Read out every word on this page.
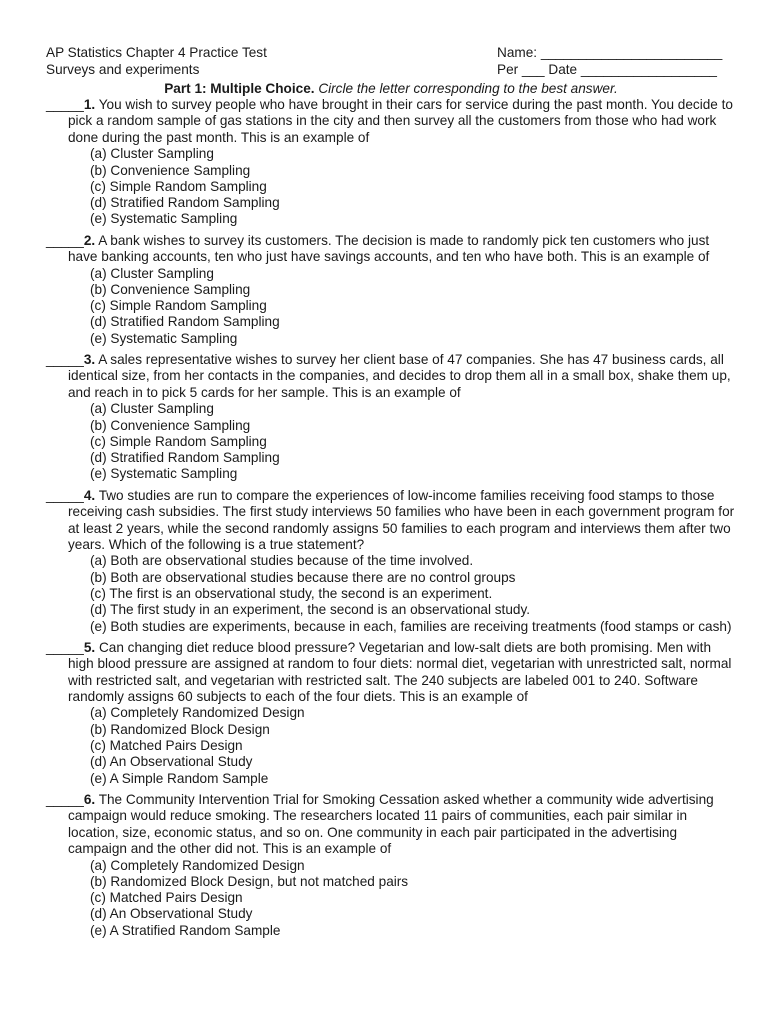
AP Statistics Chapter 4 Practice Test
Surveys and experiments
Name: ________________________
Per ___ Date __________________
Part 1: Multiple Choice. Circle the letter corresponding to the best answer.

_____1. You wish to survey people who have brought in their cars for service during the past month. You decide to pick a random sample of gas stations in the city and then survey all the customers from those who had work done during the past month. This is an example of

(a) Cluster Sampling
(b) Convenience Sampling
(c) Simple Random Sampling
(d) Stratified Random Sampling
(e) Systematic Sampling

_____2. A bank wishes to survey its customers. The decision is made to randomly pick ten customers who just have banking accounts, ten who just have savings accounts, and ten who have both. This is an example of

(a) Cluster Sampling
(b) Convenience Sampling
(c) Simple Random Sampling
(d) Stratified Random Sampling
(e) Systematic Sampling

_____3. A sales representative wishes to survey her client base of 47 companies. She has 47 business cards, all identical size, from her contacts in the companies, and decides to drop them all in a small box, shake them up, and reach in to pick 5 cards for her sample. This is an example of

(a) Cluster Sampling
(b) Convenience Sampling
(c) Simple Random Sampling
(d) Stratified Random Sampling
(e) Systematic Sampling

_____4. Two studies are run to compare the experiences of low-income families receiving food stamps to those receiving cash subsidies. The first study interviews 50 families who have been in each government program for at least 2 years, while the second randomly assigns 50 families to each program and interviews them after two years. Which of the following is a true statement?

(a) Both are observational studies because of the time involved.
(b) Both are observational studies because there are no control groups
(c) The first is an observational study, the second is an experiment.
(d) The first study in an experiment, the second is an observational study.
(e) Both studies are experiments, because in each, families are receiving treatments (food stamps or cash)

_____5. Can changing diet reduce blood pressure? Vegetarian and low-salt diets are both promising. Men with high blood pressure are assigned at random to four diets: normal diet, vegetarian with unrestricted salt, normal with restricted salt, and vegetarian with restricted salt. The 240 subjects are labeled 001 to 240. Software randomly assigns 60 subjects to each of the four diets. This is an example of

(a) Completely Randomized Design
(b) Randomized Block Design
(c) Matched Pairs Design
(d) An Observational Study
(e) A Simple Random Sample

_____6. The Community Intervention Trial for Smoking Cessation asked whether a community wide advertising campaign would reduce smoking. The researchers located 11 pairs of communities, each pair similar in location, size, economic status, and so on. One community in each pair participated in the advertising campaign and the other did not. This is an example of

(a) Completely Randomized Design
(b) Randomized Block Design, but not matched pairs
(c) Matched Pairs Design
(d) An Observational Study
(e) A Stratified Random Sample
